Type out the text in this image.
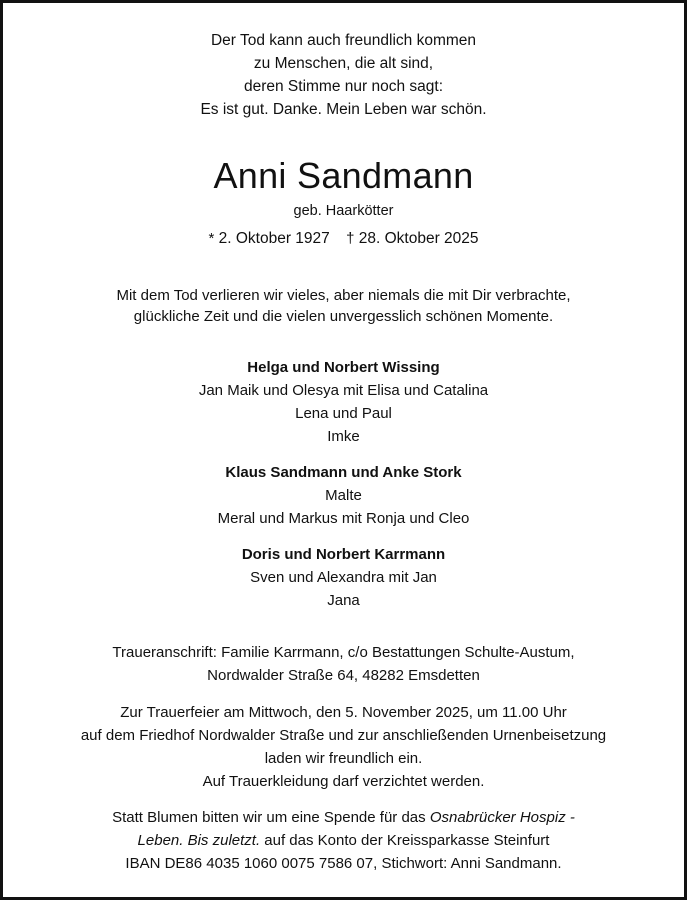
Der Tod kann auch freundlich kommen
zu Menschen, die alt sind,
deren Stimme nur noch sagt:
Es ist gut. Danke. Mein Leben war schön.
Anni Sandmann
geb. Haarkötter
* 2. Oktober 1927 † 28. Oktober 2025
Mit dem Tod verlieren wir vieles, aber niemals die mit Dir verbrachte,
glückliche Zeit und die vielen unvergesslich schönen Momente.
Helga und Norbert Wissing
Jan Maik und Olesya mit Elisa und Catalina
Lena und Paul
Imke
Klaus Sandmann und Anke Stork
Malte
Meral und Markus mit Ronja und Cleo
Doris und Norbert Karrmann
Sven und Alexandra mit Jan
Jana
Traueranschrift: Familie Karrmann, c/o Bestattungen Schulte-Austum,
Nordwalder Straße 64, 48282 Emsdetten
Zur Trauerfeier am Mittwoch, den 5. November 2025, um 11.00 Uhr
auf dem Friedhof Nordwalder Straße und zur anschließenden Urnenbeisetzung
laden wir freundlich ein.
Auf Trauerkleidung darf verzichtet werden.
Statt Blumen bitten wir um eine Spende für das Osnabrücker Hospiz -
Leben. Bis zuletzt. auf das Konto der Kreissparkasse Steinfurt
IBAN DE86 4035 1060 0075 7586 07, Stichwort: Anni Sandmann.
